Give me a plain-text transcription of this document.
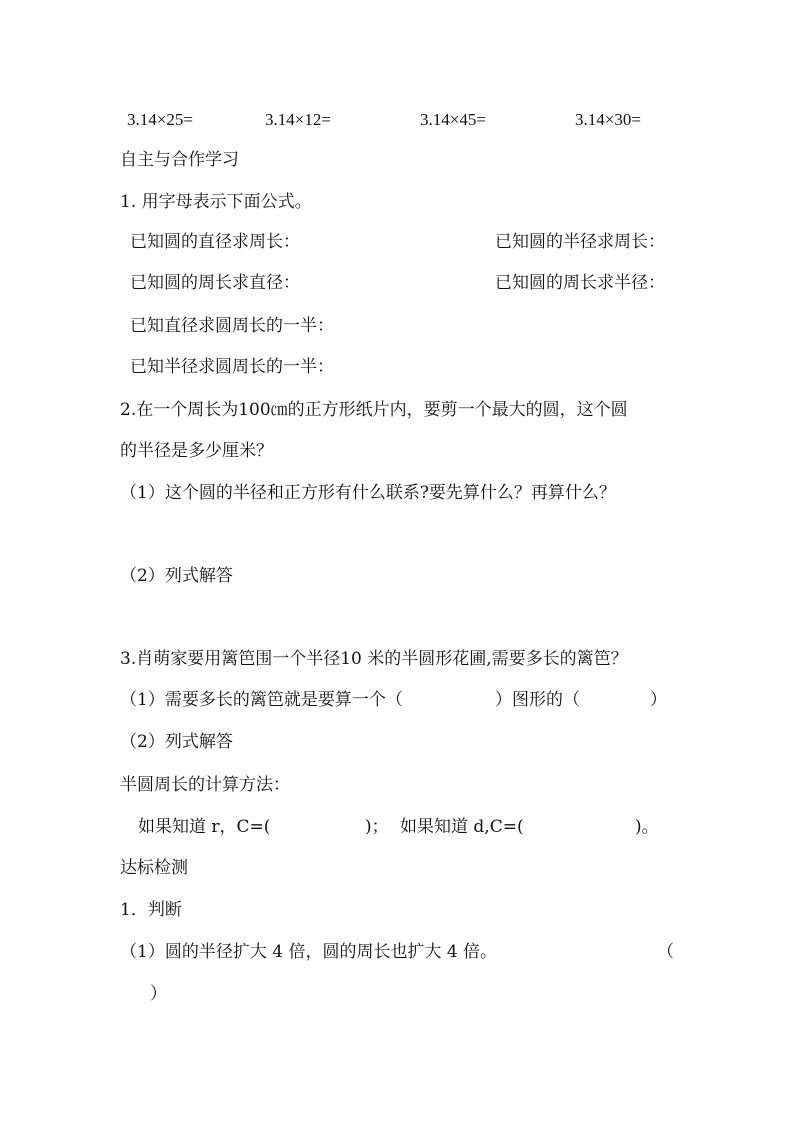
3.14×25=	3.14×12=	3.14×45=	3.14×30=
自主与合作学习
1. 用字母表示下面公式。
已知圆的直径求周长：	已知圆的半径求周长：
已知圆的周长求直径：	已知圆的周长求半径：
已知直径求圆周长的一半：
已知半径求圆周长的一半：
2.在一个周长为100㎝的正方形纸片内，要剪一个最大的圆，这个圆
的半径是多少厘米？
（1）这个圆的半径和正方形有什么联系?要先算什么？再算什么？
（2）列式解答
3.肖萌家要用篱笆围一个半径10 米的半圆形花圃,需要多长的篱笆？
（1）需要多长的篱笆就是要算一个（	）图形的（	）
（2）列式解答
半圆周长的计算方法：
如果知道 r，C=(	)； 如果知道 d,C=(	)。
达标检测
1．判断
（1）圆的半径扩大 4 倍，圆的周长也扩大 4 倍。	（
）
